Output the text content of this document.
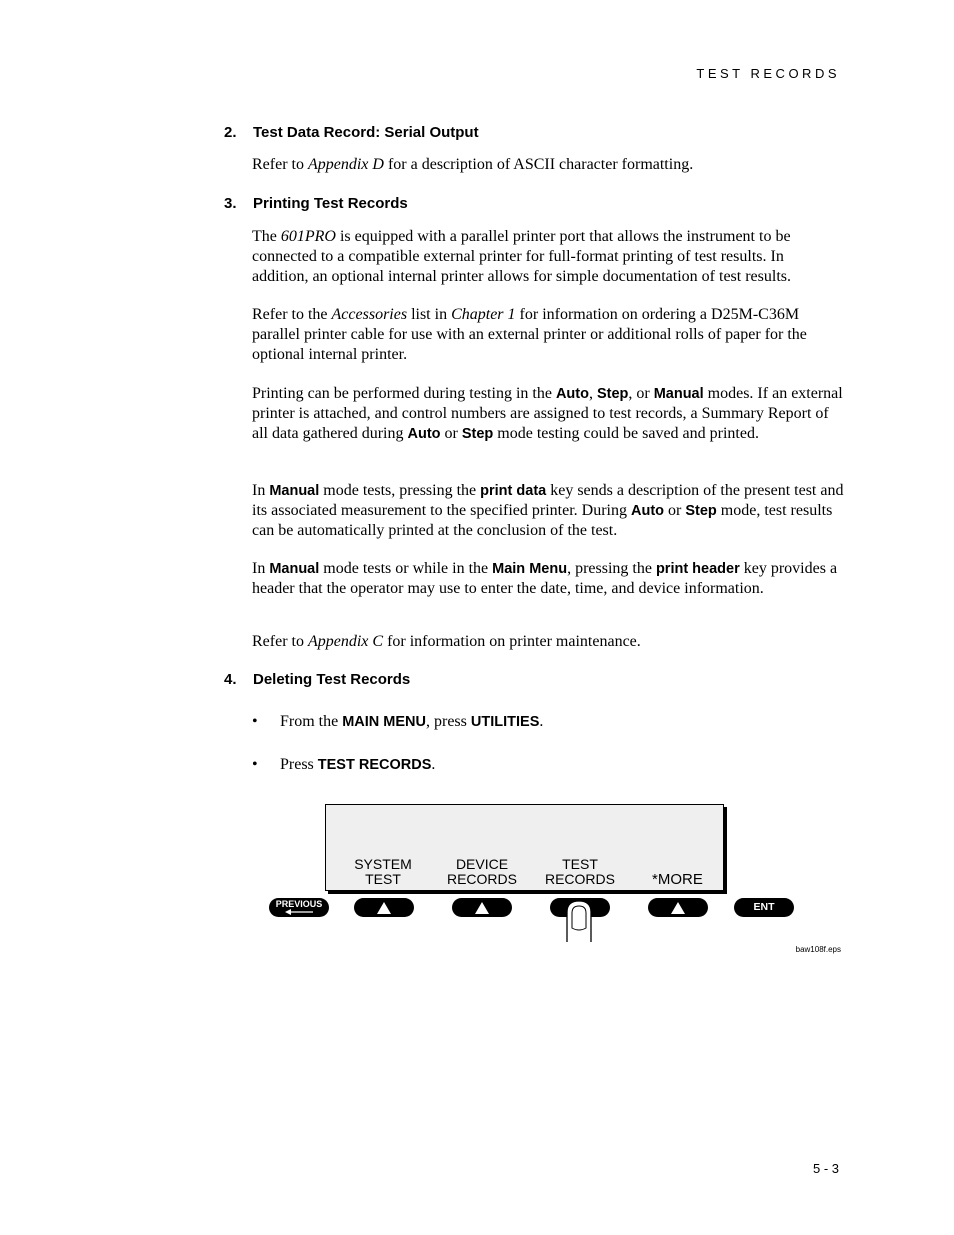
TEST RECORDS
2. Test Data Record: Serial Output

Refer to Appendix D for a description of ASCII character formatting.

3. Printing Test Records

The 601PRO is equipped with a parallel printer port that allows the instrument to be connected to a compatible external printer for full-format printing of test results. In addition, an optional internal printer allows for simple documentation of test results.

Refer to the Accessories list in Chapter 1 for information on ordering a D25M-C36M parallel printer cable for use with an external printer or additional rolls of paper for the optional internal printer.

Printing can be performed during testing in the Auto, Step, or Manual modes. If an external printer is attached, and control numbers are assigned to test records, a Summary Report of all data gathered during Auto or Step mode testing could be saved and printed.

In Manual mode tests, pressing the print data key sends a description of the present test and its associated measurement to the specified printer. During Auto or Step mode, test results can be automatically printed at the conclusion of the test.

In Manual mode tests or while in the Main Menu, pressing the print header key provides a header that the operator may use to enter the date, time, and device information.

Refer to Appendix C for information on printer maintenance.

4. Deleting Test Records
• From the MAIN MENU, press UTILITIES.
• Press TEST RECORDS.
SYSTEM
TEST
DEVICE
RECORDS
TEST
RECORDS	*MORE
PREVIOUS	ENT
baw108f.eps
5 - 3
